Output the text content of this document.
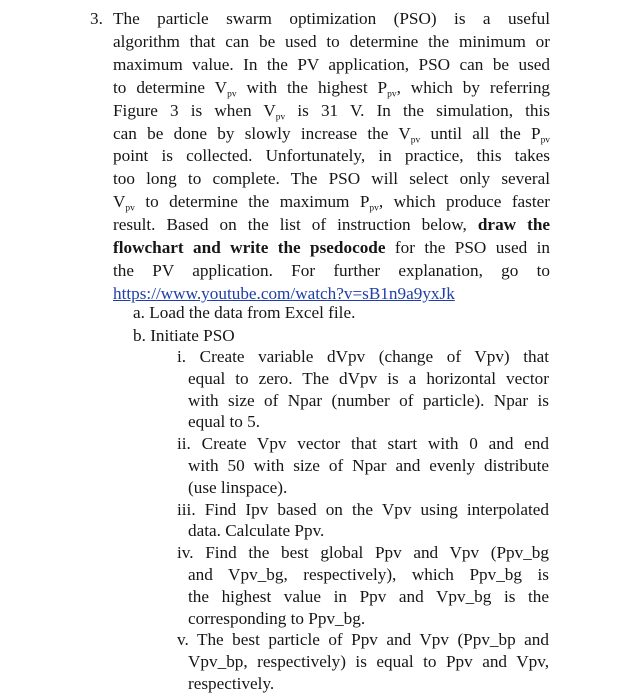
3. The particle swarm optimization (PSO) is a useful
algorithm that can be used to determine the minimum or
maximum value. In the PV application, PSO can be used
to determine $V_{pv}$ with the highest $P_{pv}$, which by referring
Figure 3 is when $V_{pv}$ is 31 V. In the simulation, this
can be done by slowly increase the $V_{pv}$ until all the $P_{pv}$
point is collected. Unfortunately, in practice, this takes
too long to complete. The PSO will select only several
$V_{pv}$ to determine the maximum $P_{pv}$, which produce faster
result. Based on the list of instruction below, draw the
flowchart and write the psedocode for the PSO used in
the PV application. For further explanation, go to
https://www.youtube.com/watch?v=sB1n9a9yxJk
a. Load the data from Excel file.
b. Initiate PSO
i. Create variable dVpv (change of Vpv) that
equal to zero. The dVpv is a horizontal vector
with size of Npar (number of particle). Npar is
equal to 5.
ii. Create Vpv vector that start with 0 and end
with 50 with size of Npar and evenly distribute
(use linspace).
iii. Find Ipv based on the Vpv using interpolated
data. Calculate Ppv.
iv. Find the best global Ppv and Vpv (Ppv_bg
and Vpv_bg, respectively), which Ppv_bg is
the highest value in Ppv and Vpv_bg is the
corresponding to Ppv_bg.
v. The best particle of Ppv and Vpv (Ppv_bp and
Vpv_bp, respectively) is equal to Ppv and Vpv,
respectively.
